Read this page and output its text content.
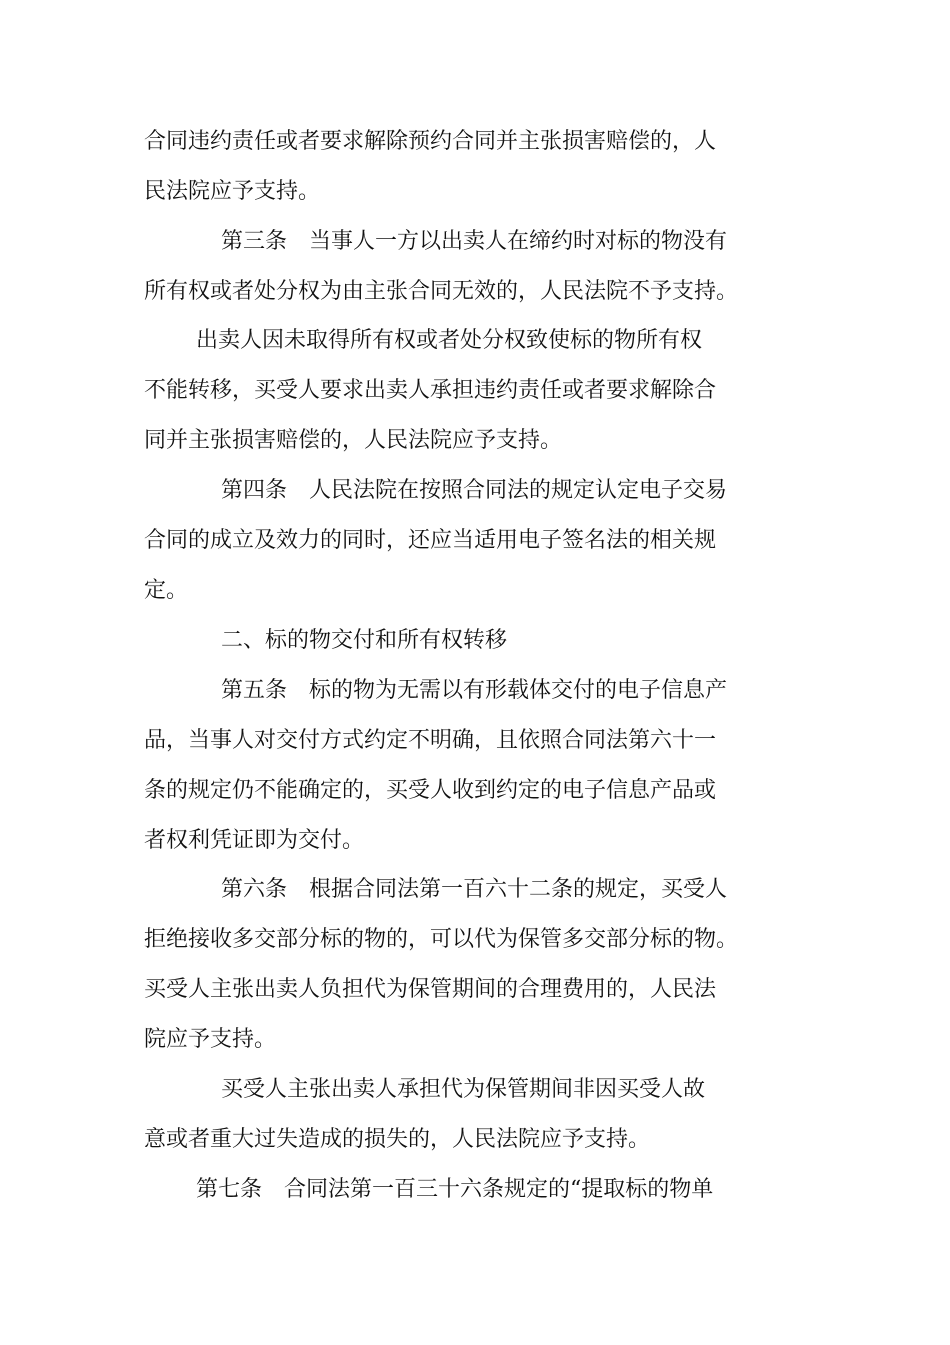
合同违约责任或者要求解除预约合同并主张损害赔偿的，人
民法院应予支持。
第三条　当事人一方以出卖人在缔约时对标的物没有
所有权或者处分权为由主张合同无效的，人民法院不予支持。
出卖人因未取得所有权或者处分权致使标的物所有权
不能转移，买受人要求出卖人承担违约责任或者要求解除合
同并主张损害赔偿的，人民法院应予支持。
第四条　人民法院在按照合同法的规定认定电子交易
合同的成立及效力的同时，还应当适用电子签名法的相关规
定。
二、标的物交付和所有权转移
第五条　标的物为无需以有形载体交付的电子信息产
品，当事人对交付方式约定不明确，且依照合同法第六十一
条的规定仍不能确定的，买受人收到约定的电子信息产品或
者权利凭证即为交付。
第六条　根据合同法第一百六十二条的规定，买受人
拒绝接收多交部分标的物的，可以代为保管多交部分标的物。
买受人主张出卖人负担代为保管期间的合理费用的，人民法
院应予支持。
买受人主张出卖人承担代为保管期间非因买受人故
意或者重大过失造成的损失的，人民法院应予支持。
第七条　合同法第一百三十六条规定的“提取标的物单
